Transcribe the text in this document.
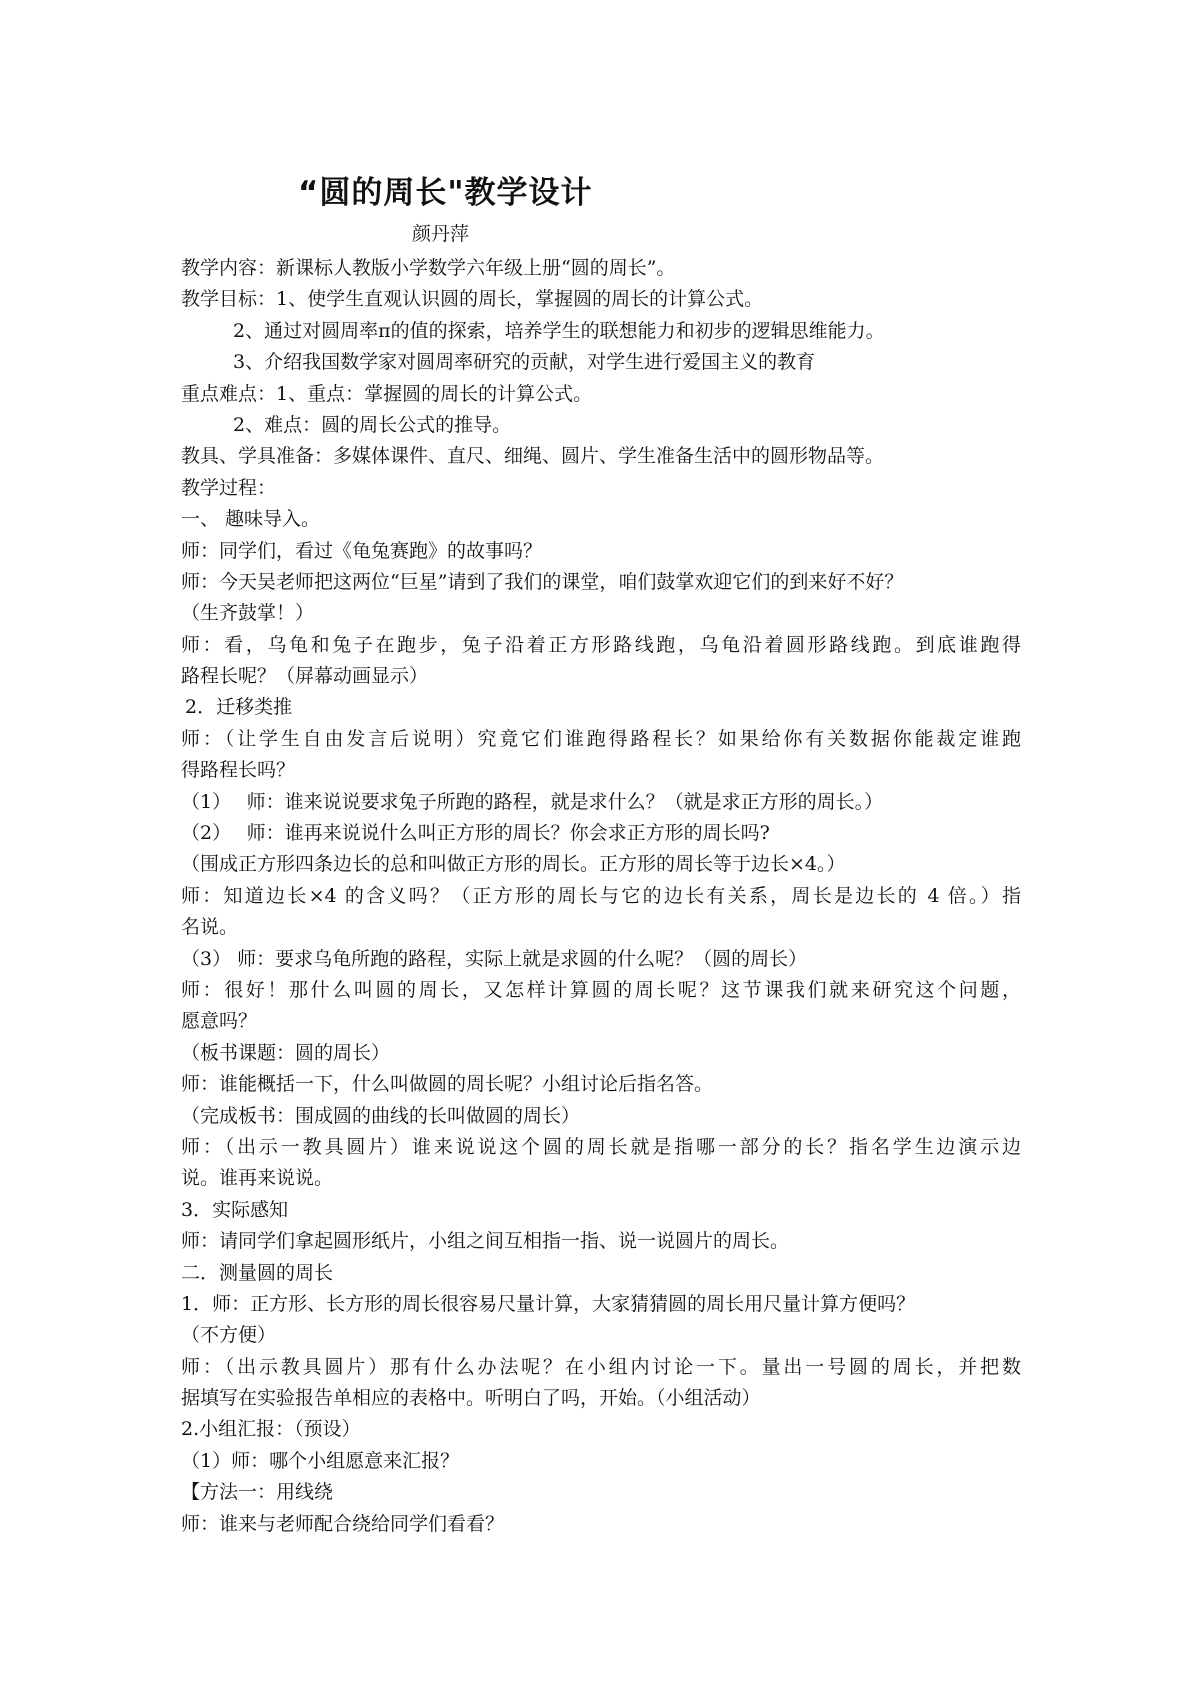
“圆的周长"教学设计
颜丹萍
教学内容：新课标人教版小学数学六年级上册“圆的周长”。
教学目标：1、使学生直观认识圆的周长，掌握圆的周长的计算公式。
2、通过对圆周率π的值的探索，培养学生的联想能力和初步的逻辑思维能力。
3、介绍我国数学家对圆周率研究的贡献，对学生进行爱国主义的教育
重点难点：1、重点：掌握圆的周长的计算公式。
2、难点：圆的周长公式的推导。
教具、学具准备：多媒体课件、直尺、细绳、圆片、学生准备生活中的圆形物品等。
教学过程：
一、 趣味导入。
师：同学们，看过《龟兔赛跑》的故事吗？
师：今天吴老师把这两位“巨星”请到了我们的课堂，咱们鼓掌欢迎它们的到来好不好？
（生齐鼓掌！）
师：看，乌龟和兔子在跑步，兔子沿着正方形路线跑，乌龟沿着圆形路线跑。到底谁跑得
路程长呢？（屏幕动画显示）
2．迁移类推
师：（让学生自由发言后说明）究竟它们谁跑得路程长？如果给你有关数据你能裁定谁跑
得路程长吗？
（1）　 师：谁来说说要求兔子所跑的路程，就是求什么？（就是求正方形的周长。）
（2）　 师：谁再来说说什么叫正方形的周长？你会求正方形的周长吗?
（围成正方形四条边长的总和叫做正方形的周长。正方形的周长等于边长×4。）
师：知道边长×4 的含义吗？（正方形的周长与它的边长有关系，周长是边长的 4 倍。）指
名说。
（3） 师：要求乌龟所跑的路程，实际上就是求圆的什么呢？（圆的周长）
师：很好！那什么叫圆的周长，又怎样计算圆的周长呢？这节课我们就来研究这个问题，
愿意吗？
（板书课题：圆的周长）
师：谁能概括一下，什么叫做圆的周长呢？小组讨论后指名答。
（完成板书：围成圆的曲线的长叫做圆的周长）
师：（出示一教具圆片）谁来说说这个圆的周长就是指哪一部分的长？指名学生边演示边
说。谁再来说说。
3．实际感知
师：请同学们拿起圆形纸片，小组之间互相指一指、说一说圆片的周长。
二．测量圆的周长
1．师：正方形、长方形的周长很容易尺量计算，大家猜猜圆的周长用尺量计算方便吗？
（不方便）
师：（出示教具圆片）那有什么办法呢？在小组内讨论一下。量出一号圆的周长，并把数
据填写在实验报告单相应的表格中。听明白了吗，开始。（小组活动）
2.小组汇报：（预设）
（1）师：哪个小组愿意来汇报？
【方法一：用线绕
师：谁来与老师配合绕给同学们看看？
